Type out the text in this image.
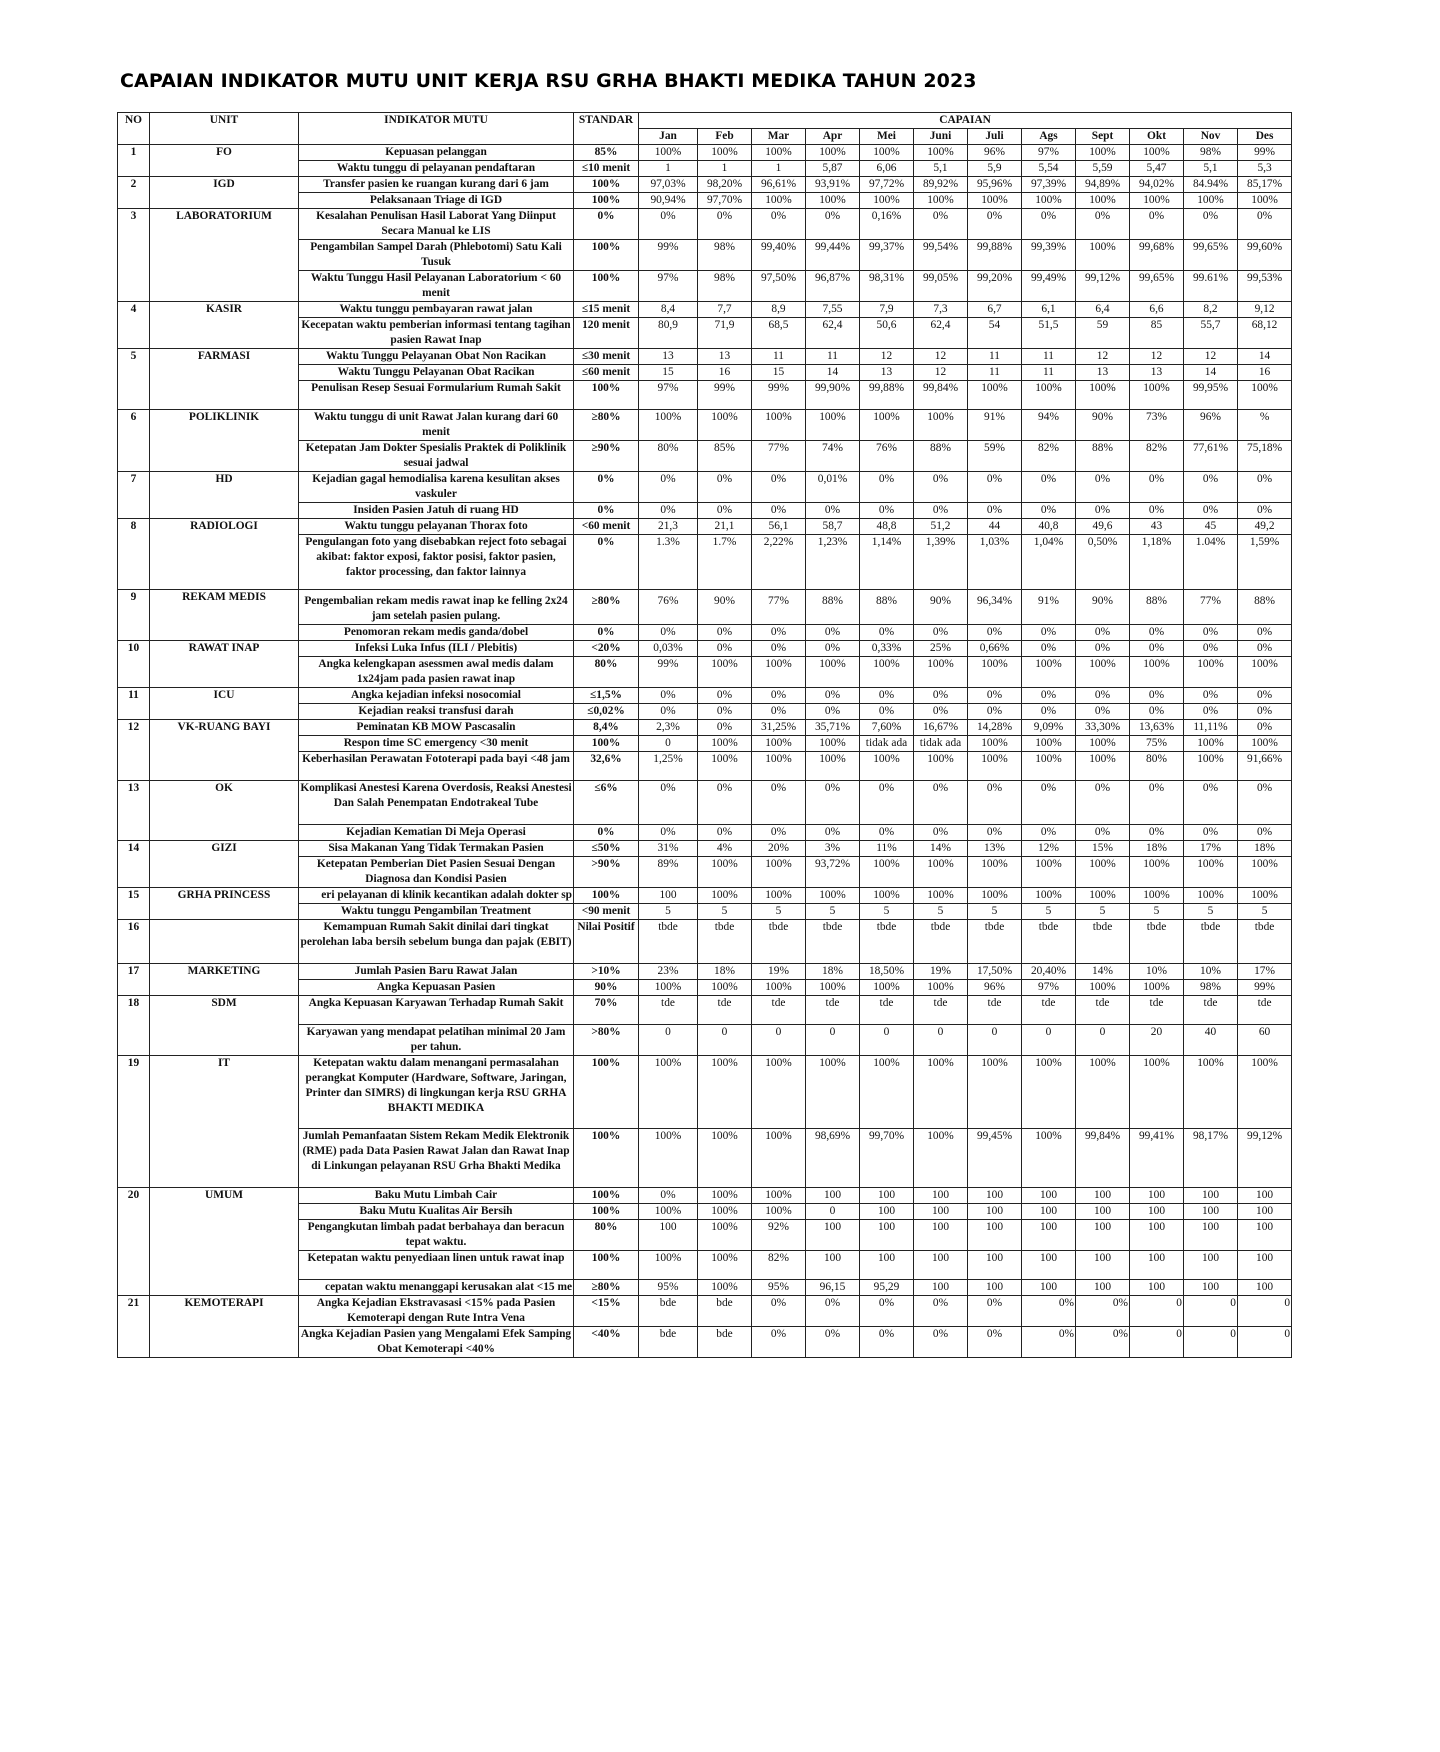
CAPAIAN INDIKATOR MUTU UNIT KERJA RSU GRHA BHAKTI MEDIKA TAHUN 2023
NO	UNIT	INDIKATOR MUTU	STANDAR	CAPAIAN											
				Jan	Feb	Mar	Apr	Mei	Juni	Juli	Ags	Sept	Okt	Nov	Des
1	FO	Kepuasan pelanggan	85%	100%	100%	100%	100%	100%	100%	96%	97%	100%	100%	98%	99%
		Waktu tunggu di pelayanan pendaftaran	≤10 menit	1	1	1	5,87	6,06	5,1	5,9	5,54	5,59	5,47	5,1	5,3
2	IGD	Transfer pasien ke ruangan kurang dari 6 jam	100%	97,03%	98,20%	96,61%	93,91%	97,72%	89,92%	95,96%	97,39%	94,89%	94,02%	84.94%	85,17%
		Pelaksanaan Triage di IGD	100%	90,94%	97,70%	100%	100%	100%	100%	100%	100%	100%	100%	100%	100%
3	LABORATORIUM	Kesalahan Penulisan Hasil Laborat Yang Diinput Secara Manual ke LIS	0%	0%	0%	0%	0%	0,16%	0%	0%	0%	0%	0%	0%	0%
		Pengambilan Sampel Darah (Phlebotomi) Satu Kali Tusuk	100%	99%	98%	99,40%	99,44%	99,37%	99,54%	99,88%	99,39%	100%	99,68%	99,65%	99,60%
		Waktu Tunggu Hasil Pelayanan Laboratorium < 60 menit	100%	97%	98%	97,50%	96,87%	98,31%	99,05%	99,20%	99,49%	99,12%	99,65%	99.61%	99,53%
4	KASIR	Waktu tunggu pembayaran rawat jalan	≤15 menit	8,4	7,7	8,9	7,55	7,9	7,3	6,7	6,1	6,4	6,6	8,2	9,12
		Kecepatan waktu pemberian informasi tentang tagihan pasien Rawat Inap	120 menit	80,9	71,9	68,5	62,4	50,6	62,4	54	51,5	59	85	55,7	68,12
5	FARMASI	Waktu Tunggu Pelayanan Obat Non Racikan	≤30 menit	13	13	11	11	12	12	11	11	12	12	12	14
		Waktu Tunggu Pelayanan Obat Racikan	≤60 menit	15	16	15	14	13	12	11	11	13	13	14	16
		Penulisan Resep Sesuai Formularium Rumah Sakit	100%	97%	99%	99%	99,90%	99,88%	99,84%	100%	100%	100%	100%	99,95%	100%
6	POLIKLINIK	Waktu tunggu di unit Rawat Jalan kurang dari 60 menit	≥80%	100%	100%	100%	100%	100%	100%	91%	94%	90%	73%	96%	%
		Ketepatan Jam Dokter Spesialis Praktek di Poliklinik sesuai jadwal	≥90%	80%	85%	77%	74%	76%	88%	59%	82%	88%	82%	77,61%	75,18%
7	HD	Kejadian gagal hemodialisa karena kesulitan akses vaskuler	0%	0%	0%	0%	0,01%	0%	0%	0%	0%	0%	0%	0%	0%
		Insiden Pasien Jatuh di ruang HD	0%	0%	0%	0%	0%	0%	0%	0%	0%	0%	0%	0%	0%
8	RADIOLOGI	Waktu tunggu pelayanan Thorax foto	<60 menit	21,3	21,1	56,1	58,7	48,8	51,2	44	40,8	49,6	43	45	49,2
		Pengulangan foto yang disebabkan reject foto sebagai akibat: faktor exposi, faktor posisi, faktor pasien, faktor processing, dan faktor lainnya	0%	1.3%	1.7%	2,22%	1,23%	1,14%	1,39%	1,03%	1,04%	0,50%	1,18%	1.04%	1,59%
9	REKAM MEDIS	Pengembalian rekam medis rawat inap ke felling 2x24 jam setelah pasien pulang.	≥80%	76%	90%	77%	88%	88%	90%	96,34%	91%	90%	88%	77%	88%
		Penomoran rekam medis ganda/dobel	0%	0%	0%	0%	0%	0%	0%	0%	0%	0%	0%	0%	0%
10	RAWAT INAP	Infeksi Luka Infus (ILI / Plebitis)	<20%	0,03%	0%	0%	0%	0,33%	25%	0,66%	0%	0%	0%	0%	0%
		Angka kelengkapan asessmen awal medis dalam 1x24jam pada pasien rawat inap	80%	99%	100%	100%	100%	100%	100%	100%	100%	100%	100%	100%	100%
11	ICU	Angka kejadian infeksi nosocomial	≤1,5%	0%	0%	0%	0%	0%	0%	0%	0%	0%	0%	0%	0%
		Kejadian reaksi transfusi darah	≤0,02%	0%	0%	0%	0%	0%	0%	0%	0%	0%	0%	0%	0%
12	VK-RUANG BAYI	Peminatan KB MOW Pascasalin	8,4%	2,3%	0%	31,25%	35,71%	7,60%	16,67%	14,28%	9,09%	33,30%	13,63%	11,11%	0%
		Respon time SC emergency <30 menit	100%	0	100%	100%	100%	tidak ada	tidak ada	100%	100%	100%	75%	100%	100%
		Keberhasilan Perawatan Fototerapi pada bayi <48 jam	32,6%	1,25%	100%	100%	100%	100%	100%	100%	100%	100%	80%	100%	91,66%
13	OK	Komplikasi Anestesi Karena Overdosis, Reaksi Anestesi Dan Salah Penempatan Endotrakeal Tube	≤6%	0%	0%	0%	0%	0%	0%	0%	0%	0%	0%	0%	0%
		Kejadian Kematian Di Meja Operasi	0%	0%	0%	0%	0%	0%	0%	0%	0%	0%	0%	0%	0%
14	GIZI	Sisa Makanan Yang Tidak Termakan Pasien	≤50%	31%	4%	20%	3%	11%	14%	13%	12%	15%	18%	17%	18%
		Ketepatan Pemberian Diet Pasien Sesuai Dengan Diagnosa dan Kondisi Pasien	>90%	89%	100%	100%	93,72%	100%	100%	100%	100%	100%	100%	100%	100%
15	GRHA PRINCESS	eri pelayanan di klinik kecantikan adalah dokter sp	100%	100	100%	100%	100%	100%	100%	100%	100%	100%	100%	100%	100%
		Waktu tunggu Pengambilan Treatment	<90 menit	5	5	5	5	5	5	5	5	5	5	5	5
16		Kemampuan Rumah Sakit dinilai dari tingkat perolehan laba bersih sebelum bunga dan pajak (EBIT)	Nilai Positif	tbde	tbde	tbde	tbde	tbde	tbde	tbde	tbde	tbde	tbde	tbde	tbde
17	MARKETING	Jumlah Pasien Baru Rawat Jalan	>10%	23%	18%	19%	18%	18,50%	19%	17,50%	20,40%	14%	10%	10%	17%
		Angka Kepuasan Pasien	90%	100%	100%	100%	100%	100%	100%	96%	97%	100%	100%	98%	99%
18	SDM	Angka Kepuasan Karyawan Terhadap Rumah Sakit	70%	tde	tde	tde	tde	tde	tde	tde	tde	tde	tde	tde	tde
		Karyawan yang mendapat pelatihan minimal 20 Jam per tahun.	>80%	0	0	0	0	0	0	0	0	0	20	40	60
19	IT	Ketepatan waktu dalam menangani permasalahan perangkat Komputer (Hardware, Software, Jaringan, Printer dan SIMRS) di lingkungan kerja RSU GRHA BHAKTI MEDIKA	100%	100%	100%	100%	100%	100%	100%	100%	100%	100%	100%	100%	100%
		Jumlah Pemanfaatan Sistem Rekam Medik Elektronik (RME) pada Data Pasien Rawat Jalan dan Rawat Inap di Linkungan pelayanan RSU Grha Bhakti Medika	100%	100%	100%	100%	98,69%	99,70%	100%	99,45%	100%	99,84%	99,41%	98,17%	99,12%
20	UMUM	Baku Mutu Limbah Cair	100%	0%	100%	100%	100	100	100	100	100	100	100	100	100
		Baku Mutu Kualitas Air Bersih	100%	100%	100%	100%	0	100	100	100	100	100	100	100	100
		Pengangkutan limbah padat berbahaya dan beracun tepat waktu.	80%	100	100%	92%	100	100	100	100	100	100	100	100	100
		Ketepatan waktu penyediaan linen untuk rawat inap	100%	100%	100%	82%	100	100	100	100	100	100	100	100	100
		cepatan waktu menanggapi kerusakan alat <15 me	≥80%	95%	100%	95%	96,15	95,29	100	100	100	100	100	100	100
21	KEMOTERAPI	Angka Kejadian Ekstravasasi <15% pada Pasien Kemoterapi dengan Rute Intra Vena	<15%	bde	bde	0%	0%	0%	0%	0%	0%	0%	0	0	0
		Angka Kejadian Pasien yang Mengalami Efek Samping Obat Kemoterapi <40%	<40%	bde	bde	0%	0%	0%	0%	0%	0%	0%	0	0	0
